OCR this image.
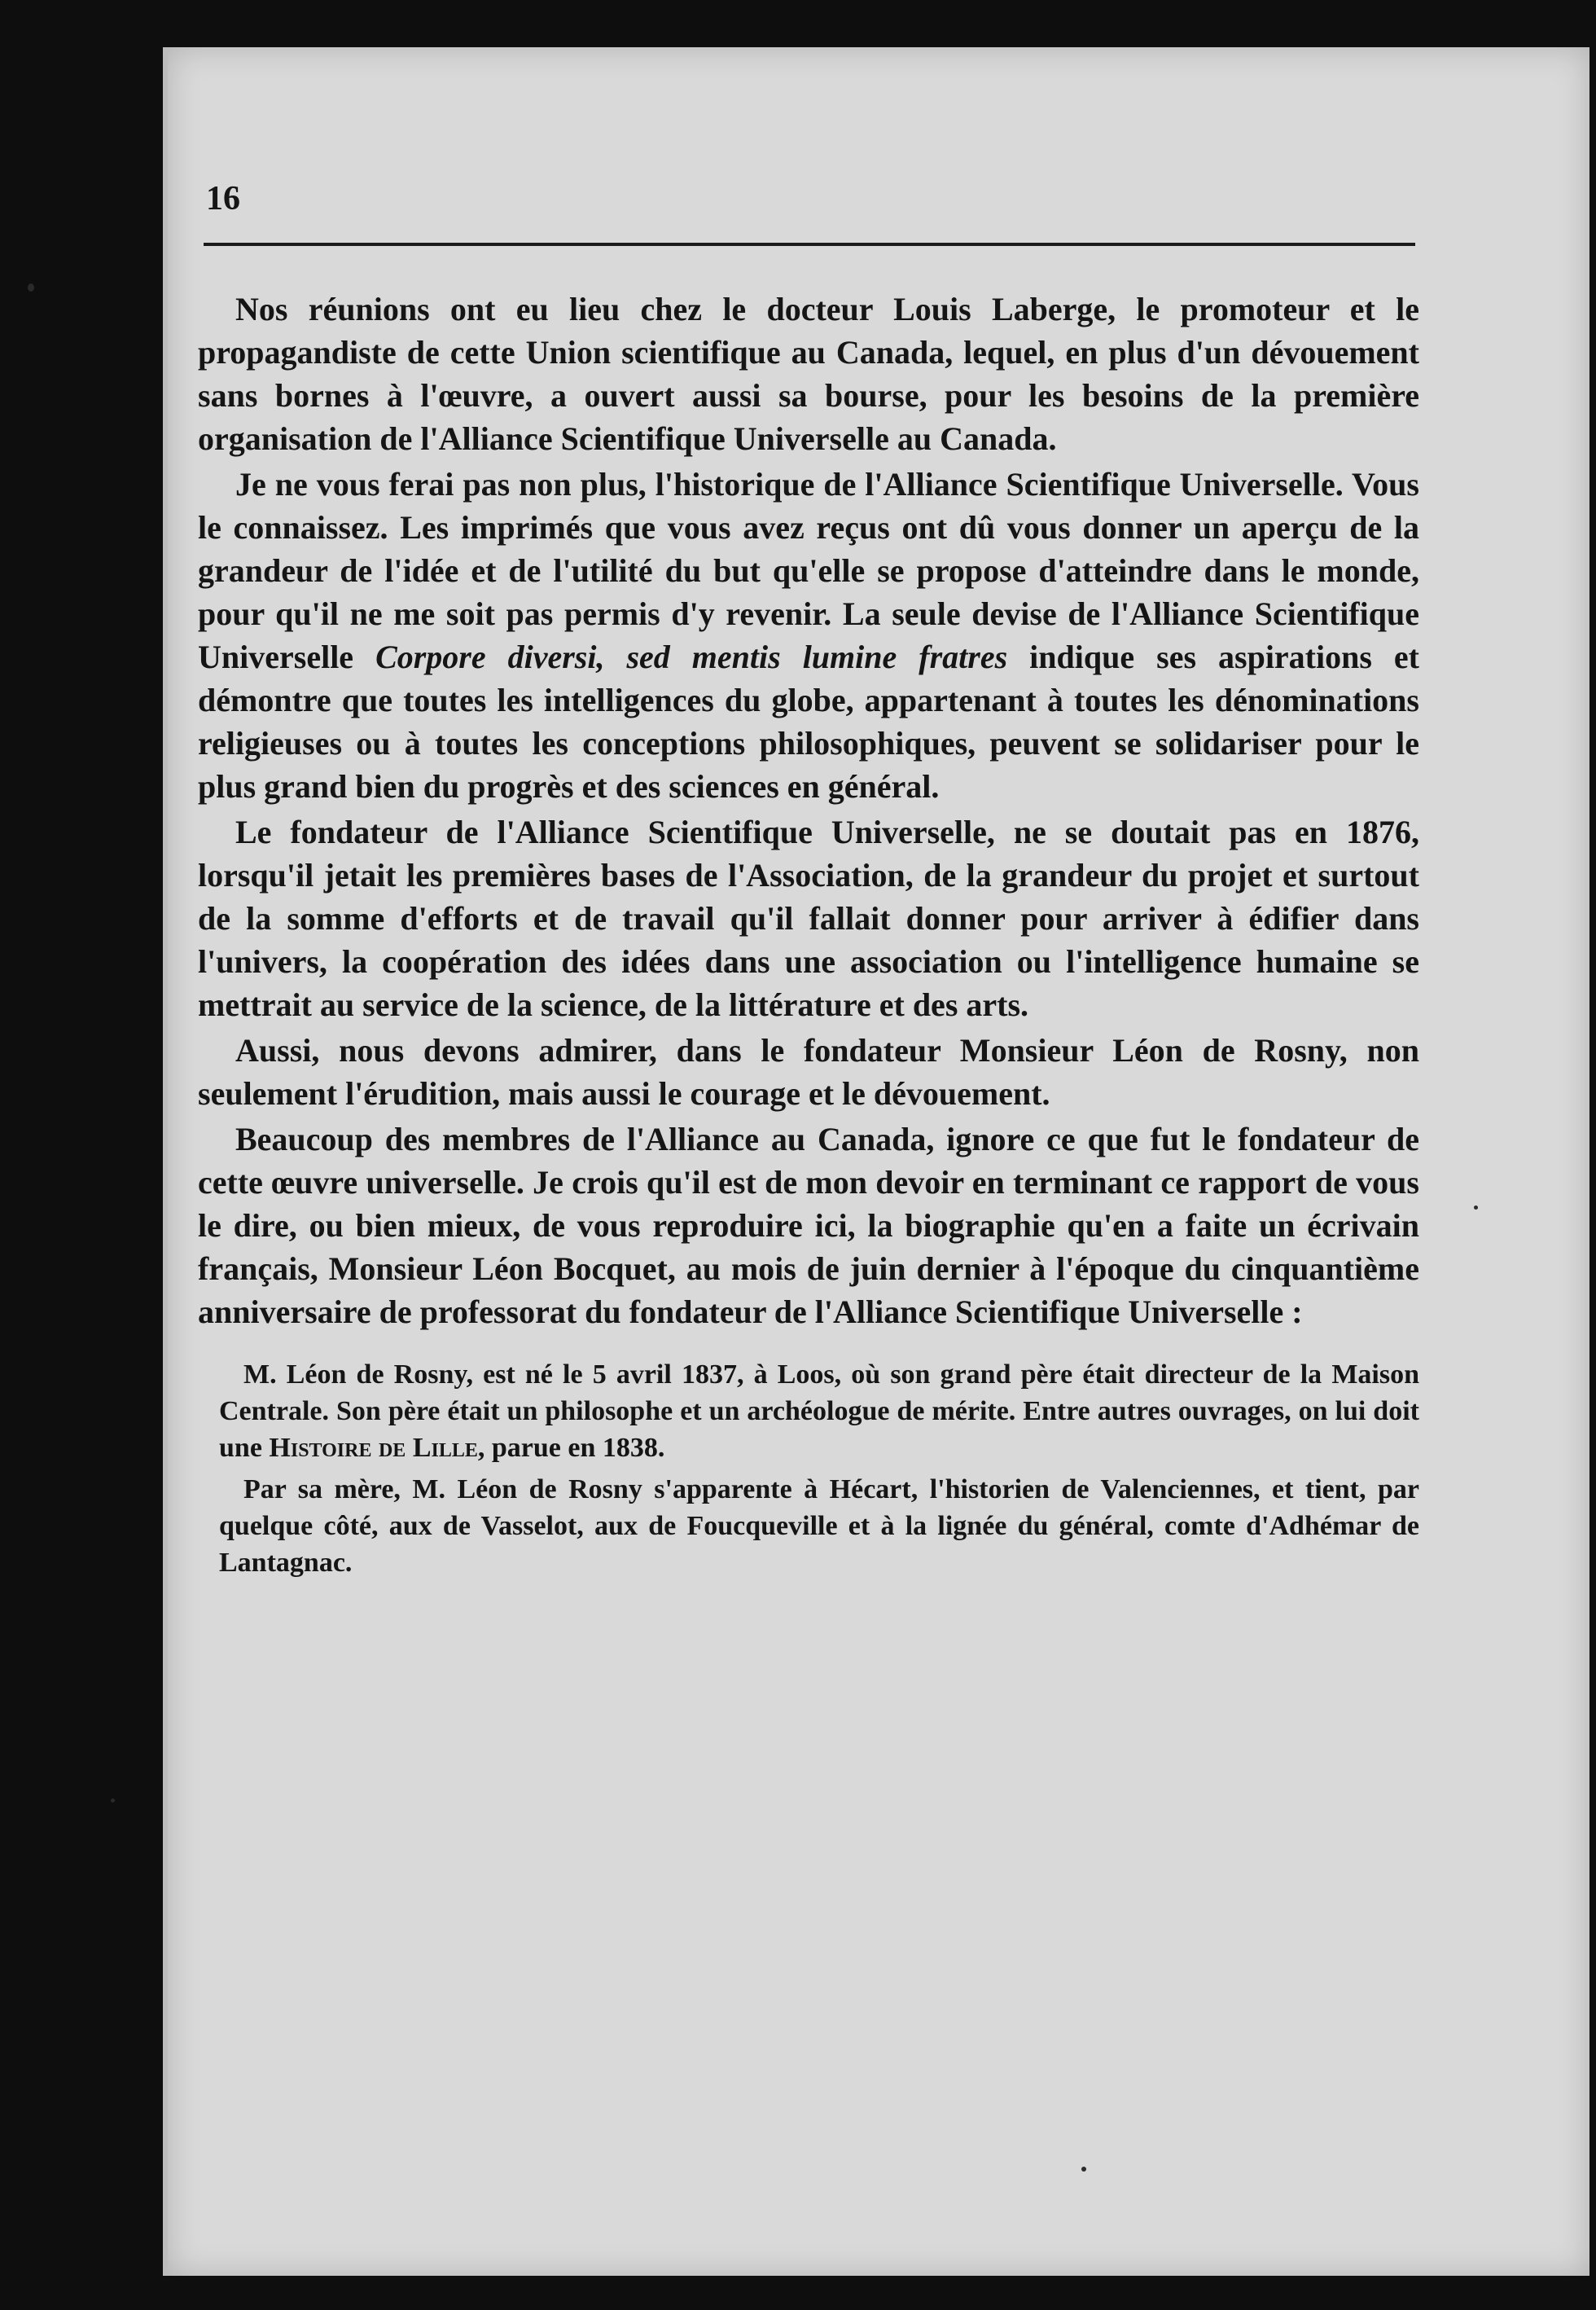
16

Nos réunions ont eu lieu chez le docteur Louis Laberge, le promoteur et le propagandiste de cette Union scientifique au Canada, lequel, en plus d'un dévouement sans bornes à l'œuvre, a ouvert aussi sa bourse, pour les besoins de la première organisation de l'Alliance Scientifique Universelle au Canada.

Je ne vous ferai pas non plus, l'historique de l'Alliance Scientifique Universelle. Vous le connaissez. Les imprimés que vous avez reçus ont dû vous donner un aperçu de la grandeur de l'idée et de l'utilité du but qu'elle se propose d'atteindre dans le monde, pour qu'il ne me soit pas permis d'y revenir. La seule devise de l'Alliance Scientifique Universelle Corpore diversi, sed mentis lumine fratres indique ses aspirations et démontre que toutes les intelligences du globe, appartenant à toutes les dénominations religieuses ou à toutes les conceptions philosophiques, peuvent se solidariser pour le plus grand bien du progrès et des sciences en général.

Le fondateur de l'Alliance Scientifique Universelle, ne se doutait pas en 1876, lorsqu'il jetait les premières bases de l'Association, de la grandeur du projet et surtout de la somme d'efforts et de travail qu'il fallait donner pour arriver à édifier dans l'univers, la coopération des idées dans une association ou l'intelligence humaine se mettrait au service de la science, de la littérature et des arts.

Aussi, nous devons admirer, dans le fondateur Monsieur Léon de Rosny, non seulement l'érudition, mais aussi le courage et le dévouement.

Beaucoup des membres de l'Alliance au Canada, ignore ce que fut le fondateur de cette œuvre universelle. Je crois qu'il est de mon devoir en terminant ce rapport de vous le dire, ou bien mieux, de vous reproduire ici, la biographie qu'en a faite un écrivain français, Monsieur Léon Bocquet, au mois de juin dernier à l'époque du cinquantième anniversaire de professorat du fondateur de l'Alliance Scientifique Universelle :

M. Léon de Rosny, est né le 5 avril 1837, à Loos, où son grand père était directeur de la Maison Centrale. Son père était un philosophe et un archéologue de mérite. Entre autres ouvrages, on lui doit une Histoire de Lille, parue en 1838.

Par sa mère, M. Léon de Rosny s'apparente à Hécart, l'historien de Valenciennes, et tient, par quelque côté, aux de Vasselot, aux de Foucqueville et à la lignée du général, comte d'Adhémar de Lantagnac.
